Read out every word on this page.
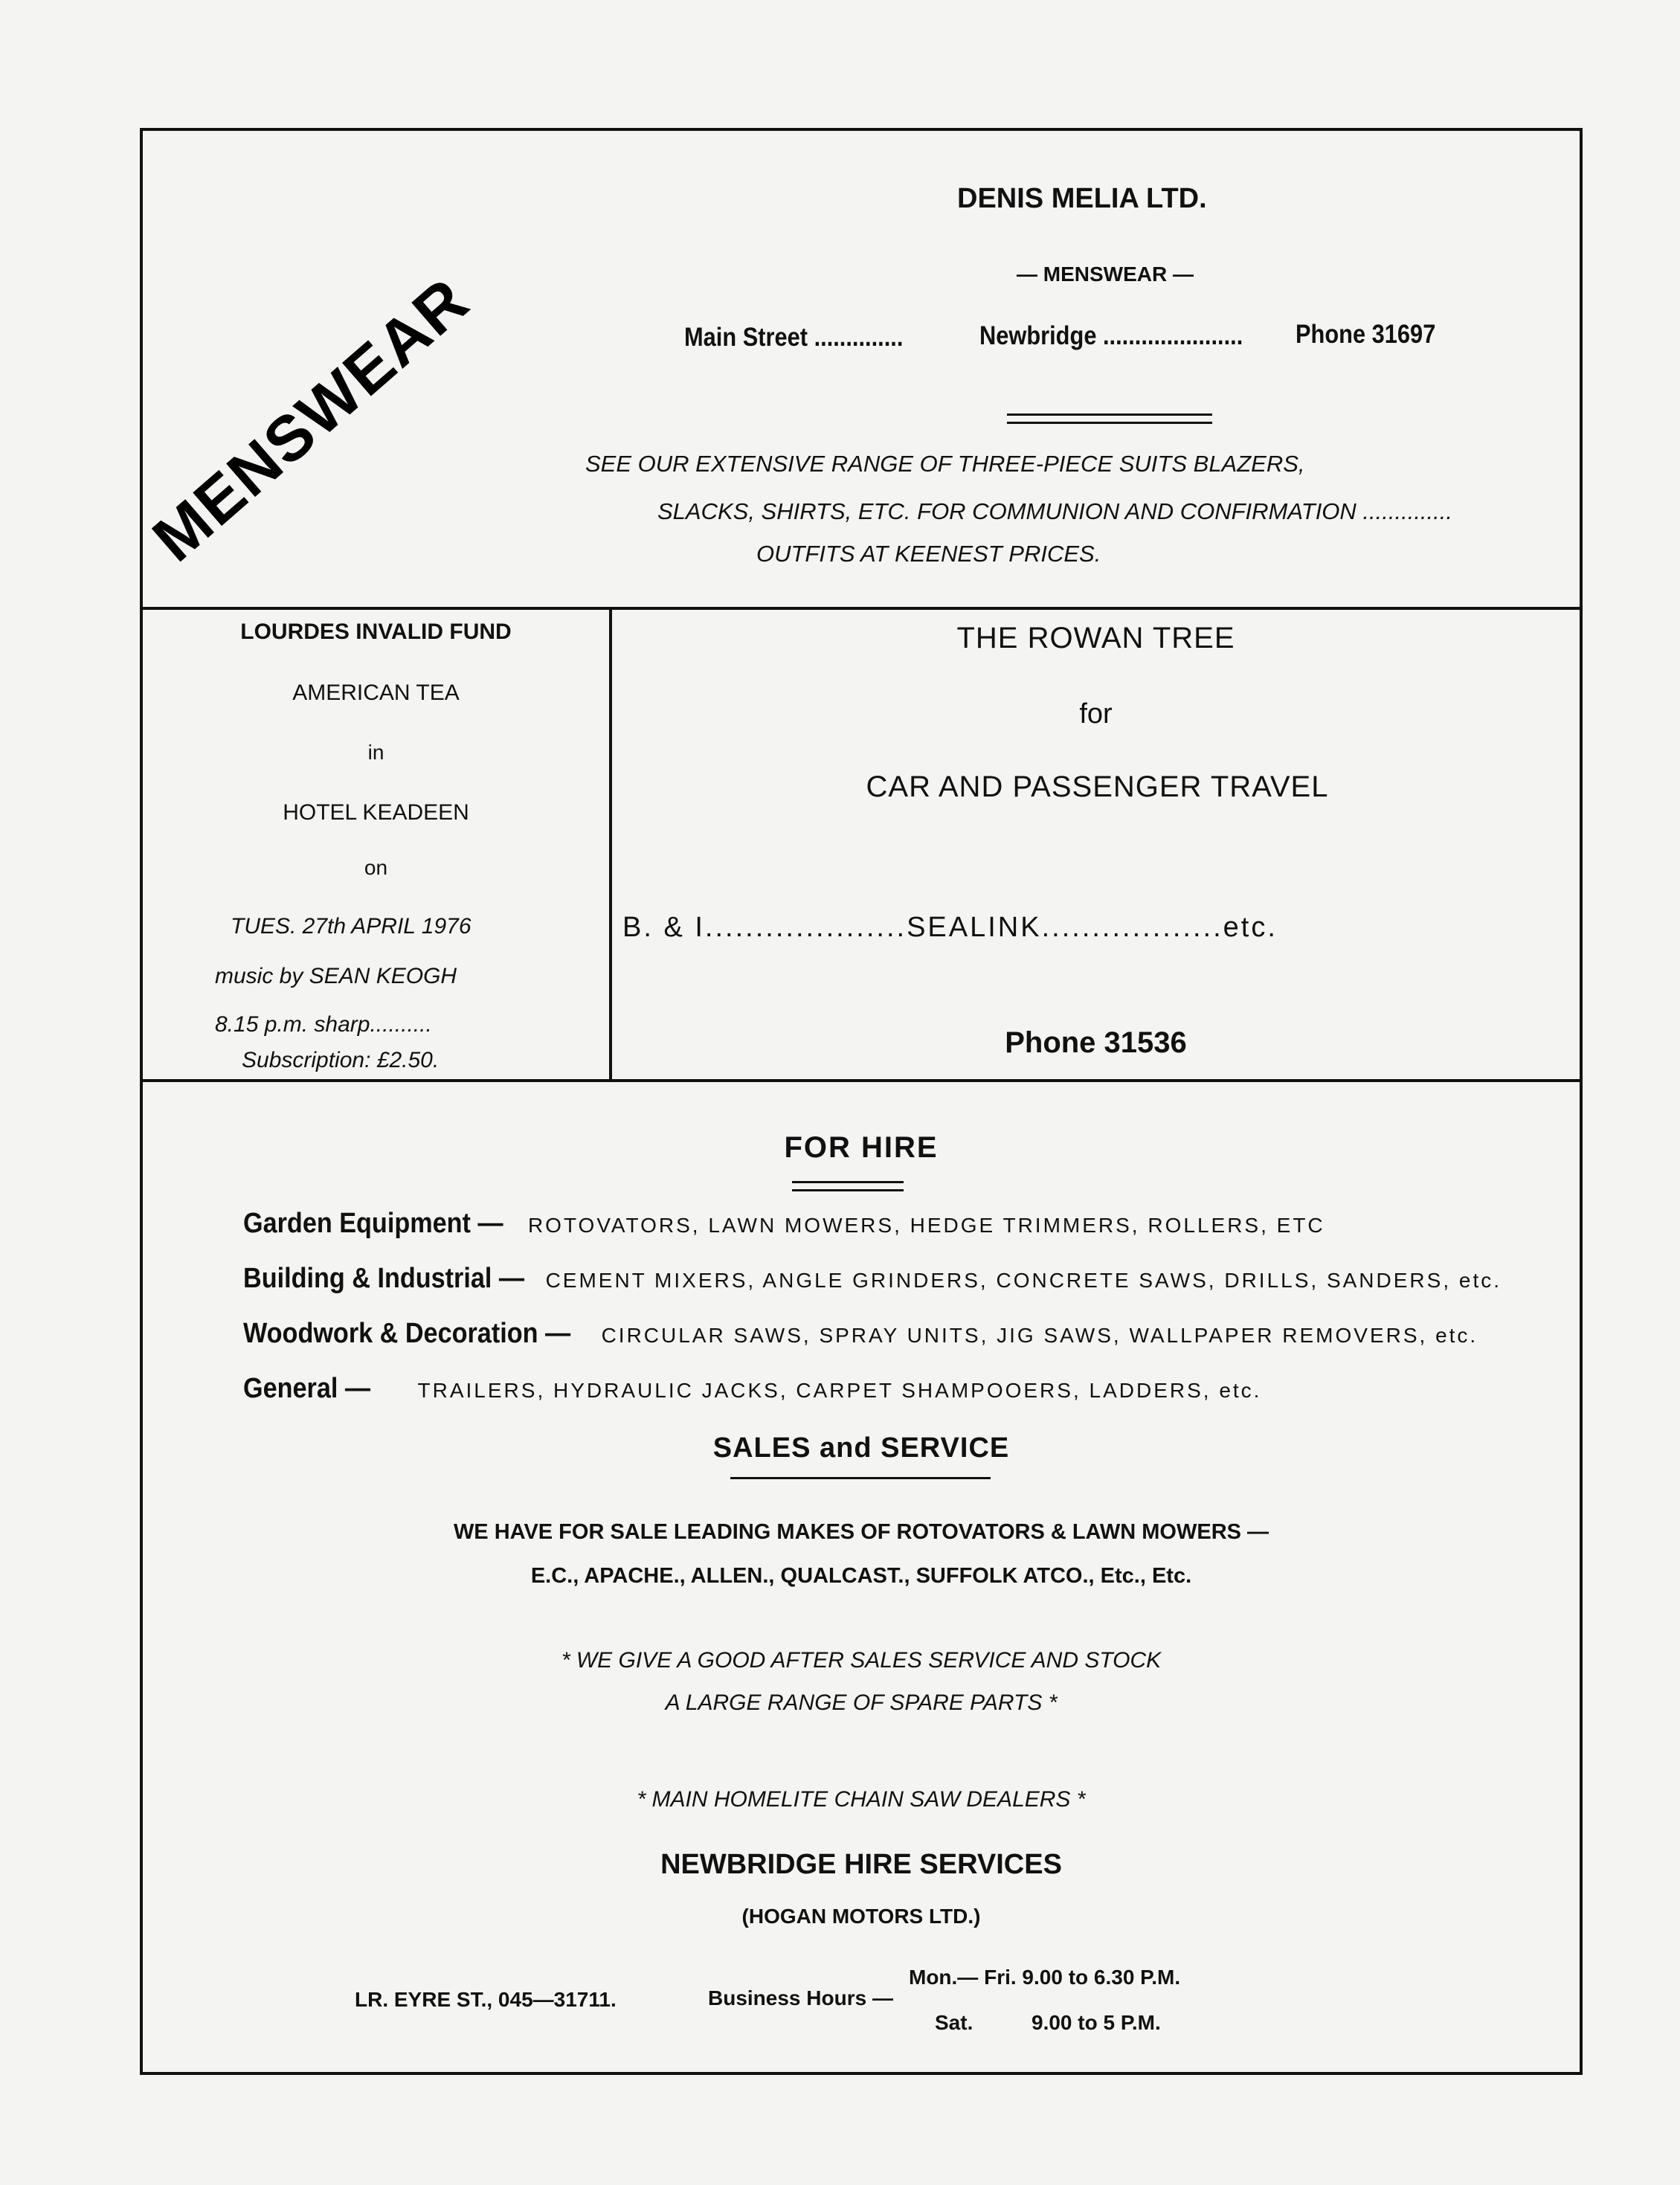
MENSWEAR
DENIS MELIA LTD.
— MENSWEAR —
Main Street ..............	Newbridge ...................... Phone 31697
SEE OUR EXTENSIVE RANGE OF THREE-PIECE SUITS BLAZERS,
SLACKS, SHIRTS, ETC. FOR COMMUNION AND CONFIRMATION ..............
OUTFITS AT KEENEST PRICES.
LOURDES INVALID FUND
AMERICAN TEA
in
HOTEL KEADEEN
on
TUES. 27th APRIL 1976
music by SEAN KEOGH
8.15 p.m. sharp..........
Subscription: £2.50.
THE ROWAN TREE
for
CAR AND PASSENGER TRAVEL
B. & I....................SEALINK..................etc.
Phone 31536
FOR HIRE
Garden Equipment — ROTOVATORS, LAWN MOWERS, HEDGE TRIMMERS, ROLLERS, ETC
Building & Industrial — CEMENT MIXERS, ANGLE GRINDERS, CONCRETE SAWS, DRILLS, SANDERS, etc.
Woodwork & Decoration — CIRCULAR SAWS, SPRAY UNITS, JIG SAWS, WALLPAPER REMOVERS, etc.
General — TRAILERS, HYDRAULIC JACKS, CARPET SHAMPOOERS, LADDERS, etc.
SALES and SERVICE
WE HAVE FOR SALE LEADING MAKES OF ROTOVATORS & LAWN MOWERS —
E.C., APACHE., ALLEN., QUALCAST., SUFFOLK ATCO., Etc., Etc.
* WE GIVE A GOOD AFTER SALES SERVICE AND STOCK
A LARGE RANGE OF SPARE PARTS *
* MAIN HOMELITE CHAIN SAW DEALERS *
NEWBRIDGE HIRE SERVICES
(HOGAN MOTORS LTD.)
LR. EYRE ST., 045—31711.	Business Hours —
Mon.— Fri. 9.00 to 6.30 P.M.
Sat.	9.00 to 5 P.M.
